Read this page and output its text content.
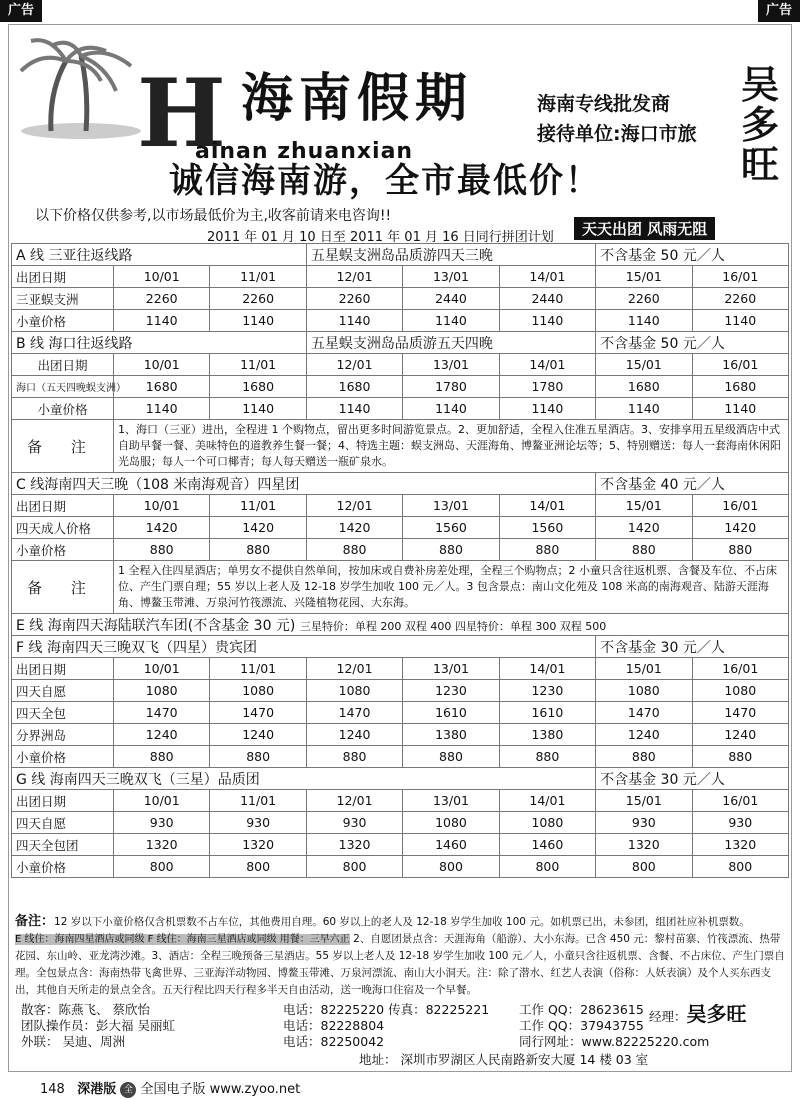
广告	广告
H 海南假期
ainan zhuanxian
海南专线批发商
接待单位:海口市旅
吴多旺
诚信海南游，全市最低价！
以下价格仅供参考,以市场最低价为主,收客前请来电咨询!!
天天出团 风雨无阻
2011 年 01 月 10 日至 2011 年 01 月 16 日同行拼团计划
A 线 三亚往返线路			五星蜈支洲岛品质游四天三晚			不含基金 50 元／人	
出团日期	10/01	11/01	12/01	13/01	14/01	15/01	16/01
三亚蜈支洲	2260	2260	2260	2440	2440	2260	2260
小童价格	1140	1140	1140	1140	1140	1140	1140
B 线 海口往返线路			五星蜈支洲岛品质游五天四晚			不含基金 50 元／人	
出团日期	10/01	11/01	12/01	13/01	14/01	15/01	16/01
海口（五天四晚蜈支洲）	1680	1680	1680	1780	1780	1680	1680
小童价格	1140	1140	1140	1140	1140	1140	1140
备 注	1、海口（三亚）进出，全程进 1 个购物点，留出更多时间游览景点。2、更加舒适，全程入住准五星酒店。3、安排享用五星级酒店中式自助早餐一餐、美味特色的道教养生餐一餐；4、特选主题：蜈支洲岛、天涯海角、博鳌亚洲论坛等；5、特别赠送：每人一套海南休闲阳光岛服；每人一个可口椰青；每人每天赠送一瓶矿泉水。						
C 线海南四天三晚（108 米南海观音）四星团						不含基金 40 元／人	
出团日期	10/01	11/01	12/01	13/01	14/01	15/01	16/01
四天成人价格	1420	1420	1420	1560	1560	1420	1420
小童价格	880	880	880	880	880	880	880
备 注	1 全程入住四星酒店；单男女不提供自然单间，按加床或自费补房差处理，全程三个购物点；2 小童只含往返机票、含餐及车位、不占床位、产生门票自理；55 岁以上老人及 12-18 岁学生加收 100 元／人。3 包含景点：南山文化苑及 108 米高的南海观音、陆游天涯海角、博鳌玉带滩、万泉河竹筏漂流、兴隆植物花园、大东海。						
E 线 海南四天海陆联汽车团(不含基金 30 元) 三星特价：单程 200 双程 400 四星特价：单程 300 双程 500							
F 线 海南四天三晚双飞（四星）贵宾团						不含基金 30 元／人	
出团日期	10/01	11/01	12/01	13/01	14/01	15/01	16/01
四天自愿	1080	1080	1080	1230	1230	1080	1080
四天全包	1470	1470	1470	1610	1610	1470	1470
分界洲岛	1240	1240	1240	1380	1380	1240	1240
小童价格	880	880	880	880	880	880	880
G 线 海南四天三晚双飞（三星）品质团						不含基金 30 元／人	
出团日期	10/01	11/01	12/01	13/01	14/01	15/01	16/01
四天自愿	930	930	930	1080	1080	930	930
四天全包团	1320	1320	1320	1460	1460	1320	1320
小童价格	800	800	800	800	800	800	800
备注：12 岁以下小童价格仅含机票数不占车位，其他费用自理。60 岁以上的老人及 12-18 岁学生加收 100 元。如机票已出，未参团，组团社应补机票数。
E 线住：海南四星酒店或同级 F 线住：海南三星酒店或同级 用餐：三早六正 2、自愿团景点含：天涯海角（船游）、大小东海。已含 450 元：黎村苗寨、竹筏漂流、热带花园、东山岭、亚龙湾沙滩。3、酒店：全程三晚预备三星酒店。55 岁以上老人及 12-18 岁学生加收 100 元／人，小童只含往返机票、含餐、不占床位、产生门票自理。全包景点含：海南热带飞禽世界、三亚海洋动物园、博鳌玉带滩、万泉河漂流、南山大小洞天。注：除了潜水、红艺人表演（俗称：人妖表演）及个人买东西支出，其他自天所走的景点全含。五天行程比四天行程多半天自由活动，送一晚海口住宿及一个早餐。
散客：陈燕飞、 蔡欣怡
团队操作员：彭大福 吴丽虹
外联： 吴迪、周洲
电话：82225220 传真：82225221
电话：82228804
电话：82250042
工作 QQ：28623615
工作 QQ：37943755
同行网址：www.82225220.com
经理：吴多旺
地址： 深圳市罗湖区人民南路新安大厦 14 楼 03 室
148 深港版 全 全国电子版 www.zyoo.net
